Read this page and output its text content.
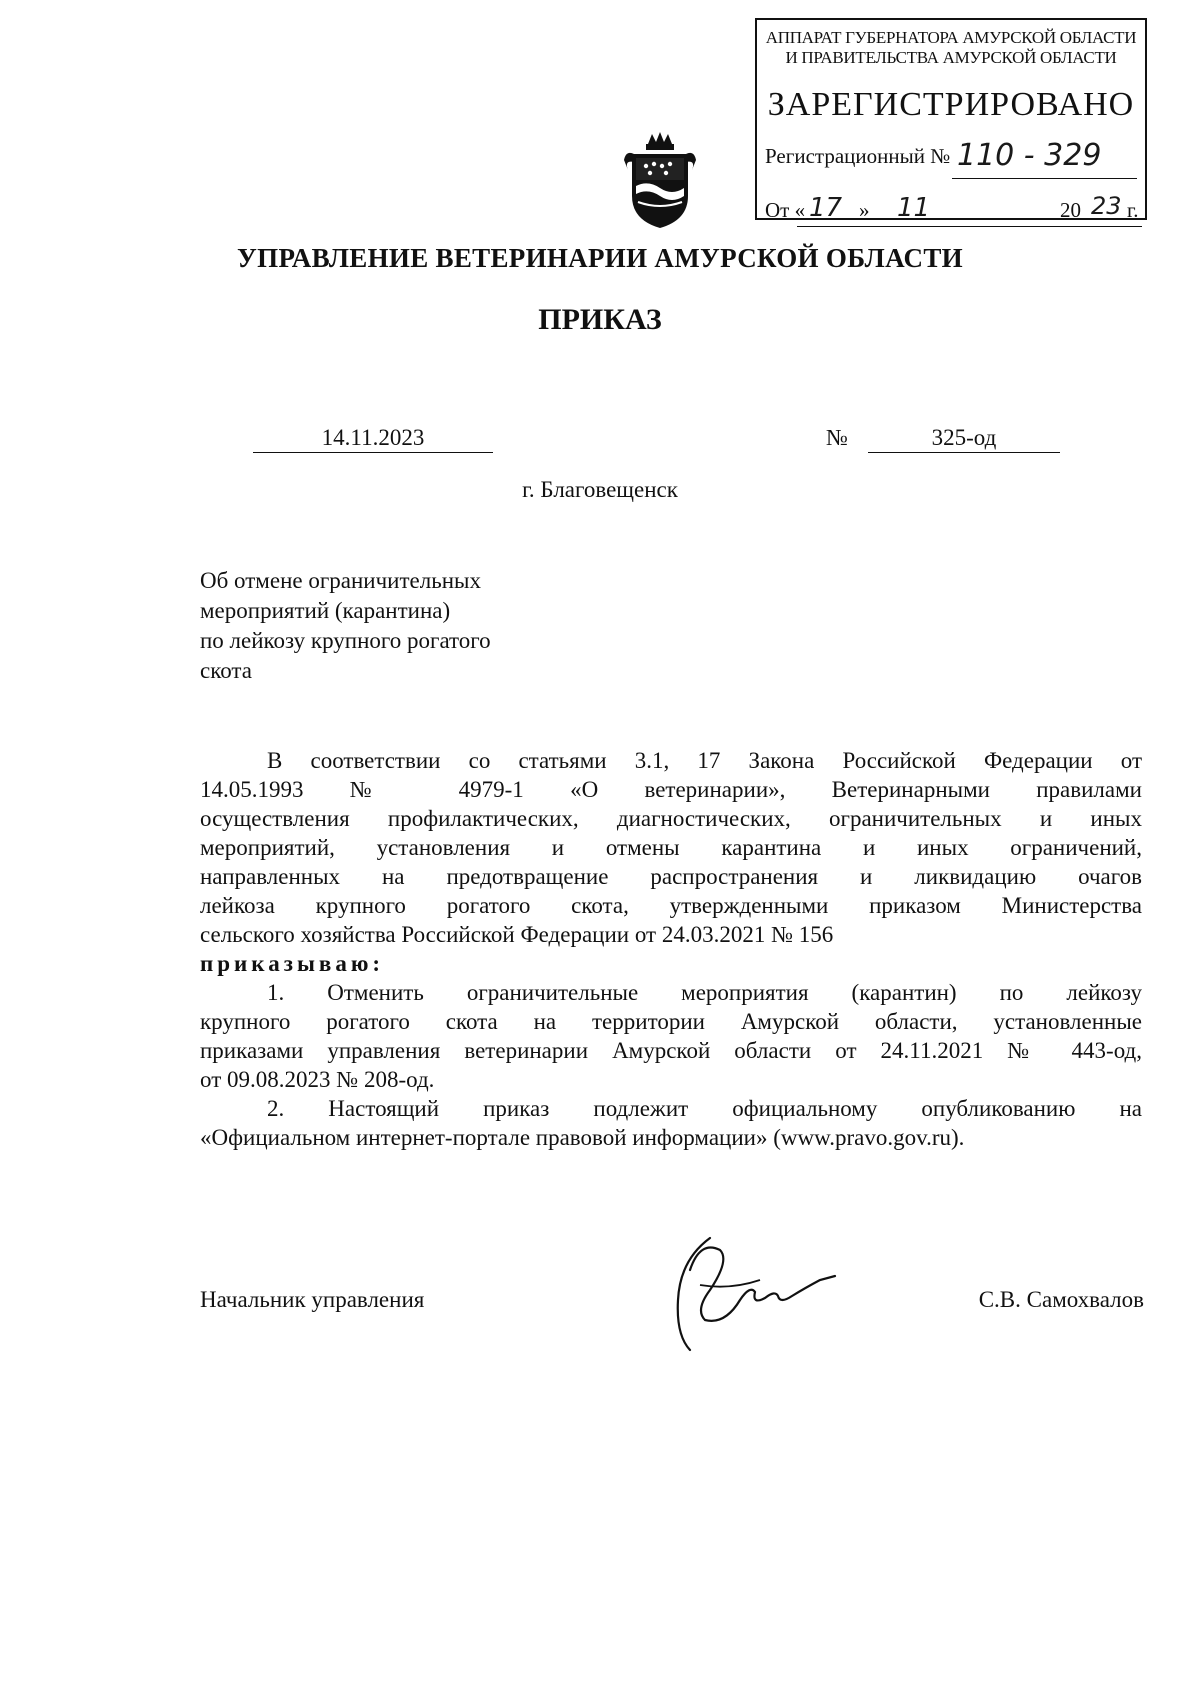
АППАРАТ ГУБЕРНАТОРА АМУРСКОЙ ОБЛАСТИ
И ПРАВИТЕЛЬСТВА АМУРСКОЙ ОБЛАСТИ
ЗАРЕГИСТРИРОВАНО
Регистрационный № 110 - 329
От « 17 » 11	20 23 г.
УПРАВЛЕНИЕ ВЕТЕРИНАРИИ АМУРСКОЙ ОБЛАСТИ
ПРИКАЗ
14.11.2023	№	325-од
г. Благовещенск
Об отмене ограничительных
мероприятий (карантина)
по лейкозу крупного рогатого
скота
В соответствии со статьями 3.1, 17 Закона Российской Федерации от
14.05.1993 № 4979-1 «О ветеринарии», Ветеринарными правилами
осуществления профилактических, диагностических, ограничительных и иных
мероприятий, установления и отмены карантина и иных ограничений,
направленных на предотвращение распространения и ликвидацию очагов
лейкоза крупного рогатого скота, утвержденными приказом Министерства
сельского хозяйства Российской Федерации от 24.03.2021 № 156
приказываю:
1. Отменить ограничительные мероприятия (карантин) по лейкозу
крупного рогатого скота на территории Амурской области, установленные
приказами управления ветеринарии Амурской области от 24.11.2021 № 443-од,
от 09.08.2023 № 208-од.
2. Настоящий приказ подлежит официальному опубликованию на
«Официальном интернет-портале правовой информации» (www.pravo.gov.ru).
Начальник управления	С.В. Самохвалов
